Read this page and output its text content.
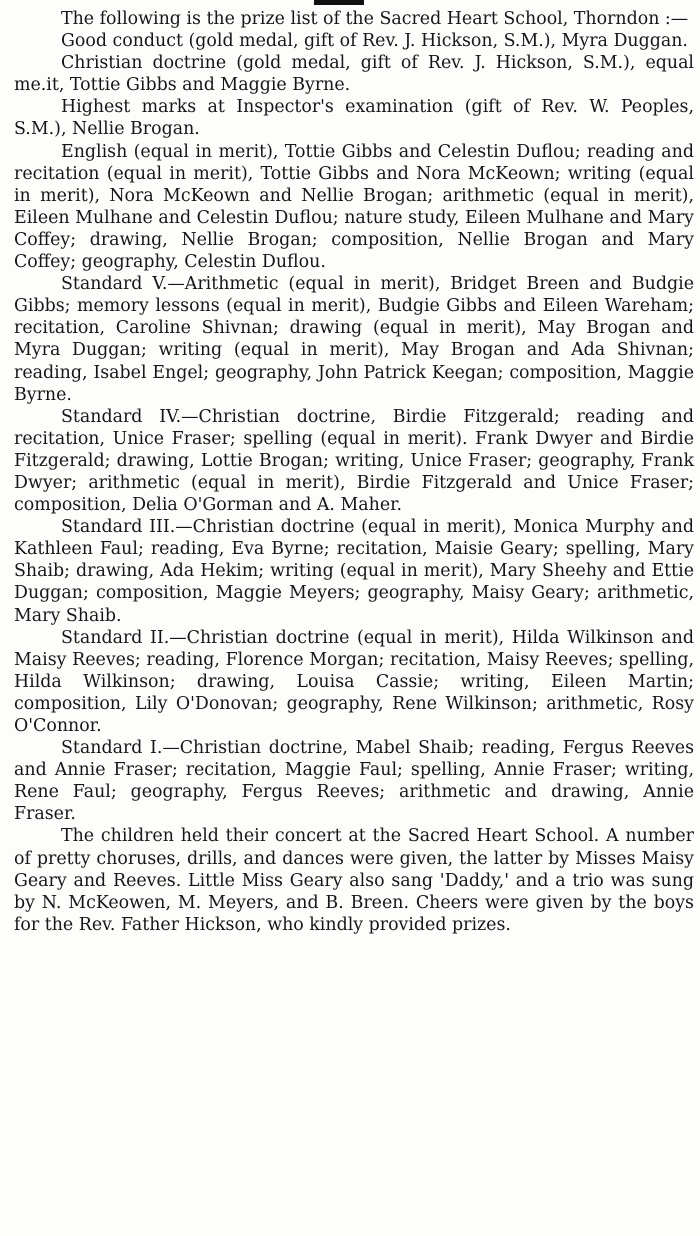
The following is the prize list of the Sacred Heart School, Thorndon :—

Good conduct (gold medal, gift of Rev. J. Hickson, S.M.), Myra Duggan.

Christian doctrine (gold medal, gift of Rev. J. Hickson, S.M.), equal me.it, Tottie Gibbs and Maggie Byrne.

Highest marks at Inspector's examination (gift of Rev. W. Peoples, S.M.), Nellie Brogan.

English (equal in merit), Tottie Gibbs and Celestin Duflou; reading and recitation (equal in merit), Tottie Gibbs and Nora McKeown; writing (equal in merit), Nora McKeown and Nellie Brogan; arithmetic (equal in merit), Eileen Mulhane and Celestin Duflou; nature study, Eileen Mulhane and Mary Coffey; drawing, Nellie Brogan; composition, Nellie Brogan and Mary Coffey; geography, Celestin Duflou.

Standard V.—Arithmetic (equal in merit), Bridget Breen and Budgie Gibbs; memory lessons (equal in merit), Budgie Gibbs and Eileen Wareham; recitation, Caroline Shivnan; drawing (equal in merit), May Brogan and Myra Duggan; writing (equal in merit), May Brogan and Ada Shivnan; reading, Isabel Engel; geography, John Patrick Keegan; composition, Maggie Byrne.

Standard IV.—Christian doctrine, Birdie Fitzgerald; reading and recitation, Unice Fraser; spelling (equal in merit). Frank Dwyer and Birdie Fitzgerald; drawing, Lottie Brogan; writing, Unice Fraser; geography, Frank Dwyer; arithmetic (equal in merit), Birdie Fitzgerald and Unice Fraser; composition, Delia O'Gorman and A. Maher.

Standard III.—Christian doctrine (equal in merit), Monica Murphy and Kathleen Faul; reading, Eva Byrne; recitation, Maisie Geary; spelling, Mary Shaib; drawing, Ada Hekim; writing (equal in merit), Mary Sheehy and Ettie Duggan; composition, Maggie Meyers; geography, Maisy Geary; arithmetic, Mary Shaib.

Standard II.—Christian doctrine (equal in merit), Hilda Wilkinson and Maisy Reeves; reading, Florence Morgan; recitation, Maisy Reeves; spelling, Hilda Wilkinson; drawing, Louisa Cassie; writing, Eileen Martin; composition, Lily O'Donovan; geography, Rene Wilkinson; arithmetic, Rosy O'Connor.

Standard I.—Christian doctrine, Mabel Shaib; reading, Fergus Reeves and Annie Fraser; recitation, Maggie Faul; spelling, Annie Fraser; writing, Rene Faul; geography, Fergus Reeves; arithmetic and drawing, Annie Fraser.

The children held their concert at the Sacred Heart School. A number of pretty choruses, drills, and dances were given, the latter by Misses Maisy Geary and Reeves. Little Miss Geary also sang 'Daddy,' and a trio was sung by N. McKeowen, M. Meyers, and B. Breen. Cheers were given by the boys for the Rev. Father Hickson, who kindly provided prizes.
